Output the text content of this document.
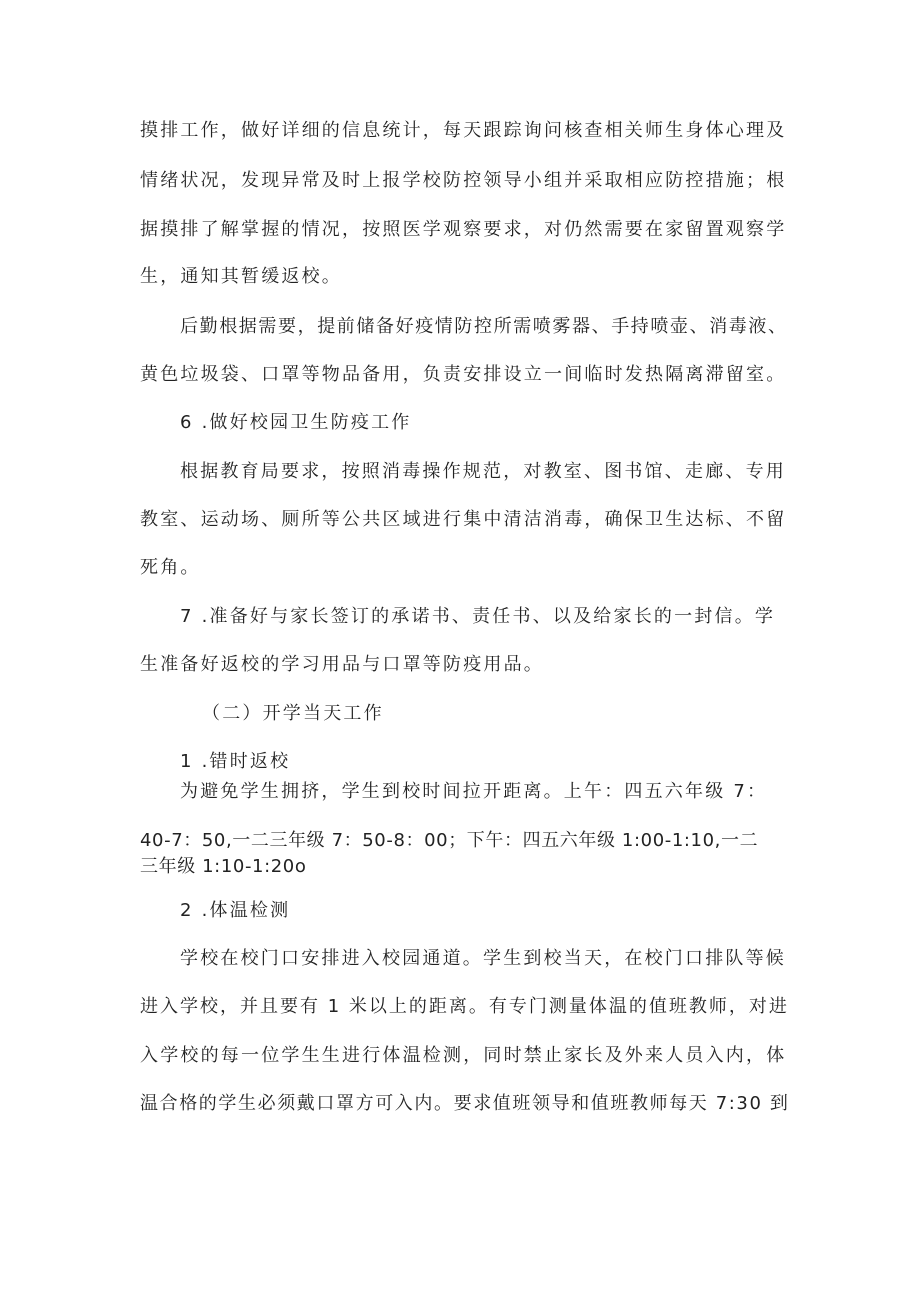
摸排工作，做好详细的信息统计，每天跟踪询问核查相关师生身体心理及

情绪状况，发现异常及时上报学校防控领导小组并采取相应防控措施；根

据摸排了解掌握的情况，按照医学观察要求，对仍然需要在家留置观察学

生，通知其暂缓返校。

后勤根据需要，提前储备好疫情防控所需喷雾器、手持喷壶、消毒液、

黄色垃圾袋、口罩等物品备用，负责安排设立一间临时发热隔离滞留室。

6 .做好校园卫生防疫工作

根据教育局要求，按照消毒操作规范，对教室、图书馆、走廊、专用

教室、运动场、厕所等公共区域进行集中清洁消毒，确保卫生达标、不留

死角。

7 .准备好与家长签订的承诺书、责任书、以及给家长的一封信。学

生准备好返校的学习用品与口罩等防疫用品。

（二）开学当天工作

1 .错时返校

为避免学生拥挤，学生到校时间拉开距离。上午：四五六年级 7：

40-7：50,一二三年级 7：50-8：00；下午：四五六年级 1:00-1:10,一二

三年级 1:10-1:20o

2 .体温检测

学校在校门口安排进入校园通道。学生到校当天，在校门口排队等候

进入学校，并且要有 1 米以上的距离。有专门测量体温的值班教师，对进

入学校的每一位学生生进行体温检测，同时禁止家长及外来人员入内，体

温合格的学生必须戴口罩方可入内。要求值班领导和值班教师每天 7:30 到
